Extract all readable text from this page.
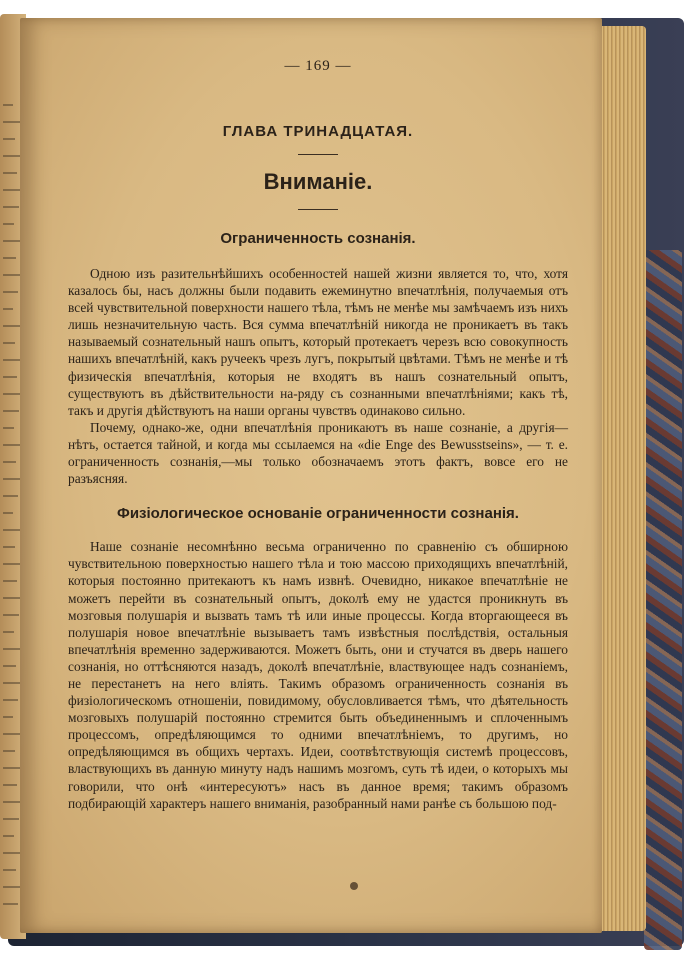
— 169 —

ГЛАВА ТРИНАДЦАТАЯ.
Вниманіе.
Ограниченность сознанія.

Одною изъ разительнѣйшихъ особенностей нашей жизни является то, что, хотя казалось бы, насъ должны были подавить ежеминутно впечатлѣнія, получаемыя отъ всей чувствительной поверхности нашего тѣла, тѣмъ не менѣе мы замѣчаемъ изъ нихъ лишь незначительную часть. Вся сумма впечатлѣній никогда не проникаетъ въ такъ называемый сознательный нашъ опытъ, который протекаетъ черезъ всю совокупность нашихъ впечатлѣній, какъ ручеекъ чрезъ лугъ, покрытый цвѣтами. Тѣмъ не менѣе и тѣ физическія впечатлѣнія, которыя не входятъ въ нашъ сознательный опытъ, существуютъ въ дѣйствительности на-ряду съ сознанными впечатлѣніями; какъ тѣ, такъ и другія дѣйствуютъ на наши органы чувствъ одинаково сильно.

Почему, однако-же, одни впечатлѣнія проникаютъ въ наше сознаніе, а другія—нѣтъ, остается тайной, и когда мы ссылаемся на «die Enge des Bewusstseins», — т. е. ограниченность сознанія,—мы только обозначаемъ этотъ фактъ, вовсе его не разъясняя.

Физіологическое основаніе ограниченности сознанія.

Наше сознаніе несомнѣнно весьма ограниченно по сравненію съ обширною чувствительною поверхностью нашего тѣла и тою массою приходящихъ впечатлѣній, которыя постоянно притекаютъ къ намъ извнѣ. Очевидно, никакое впечатлѣніе не можетъ перейти въ сознательный опытъ, доколѣ ему не удастся проникнуть въ мозговыя полушарія и вызвать тамъ тѣ или иные процессы. Когда вторгающееся въ полушарія новое впечатлѣніе вызываетъ тамъ извѣстныя послѣдствія, остальныя впечатлѣнія временно задерживаются. Можетъ быть, они и стучатся въ дверь нашего сознанія, но оттѣсняются назадъ, доколѣ впечатлѣніе, властвующее надъ сознаніемъ, не перестанетъ на него вліять. Такимъ образомъ ограниченность сознанія въ физіологическомъ отношеніи, повидимому, обусловливается тѣмъ, что дѣятельность мозговыхъ полушарій постоянно стремится быть объединеннымъ и сплоченнымъ процессомъ, опредѣляющимся то одними впечатлѣніемъ, то другимъ, но опредѣляющимся въ общихъ чертахъ. Идеи, соотвѣтствующія системѣ процессовъ, властвующихъ въ данную минуту надъ нашимъ мозгомъ, суть тѣ идеи, о которыхъ мы говорили, что онѣ «интересуютъ» насъ въ данное время; такимъ образомъ подбирающій характеръ нашего вниманія, разобранный нами ранѣе съ большою под-
